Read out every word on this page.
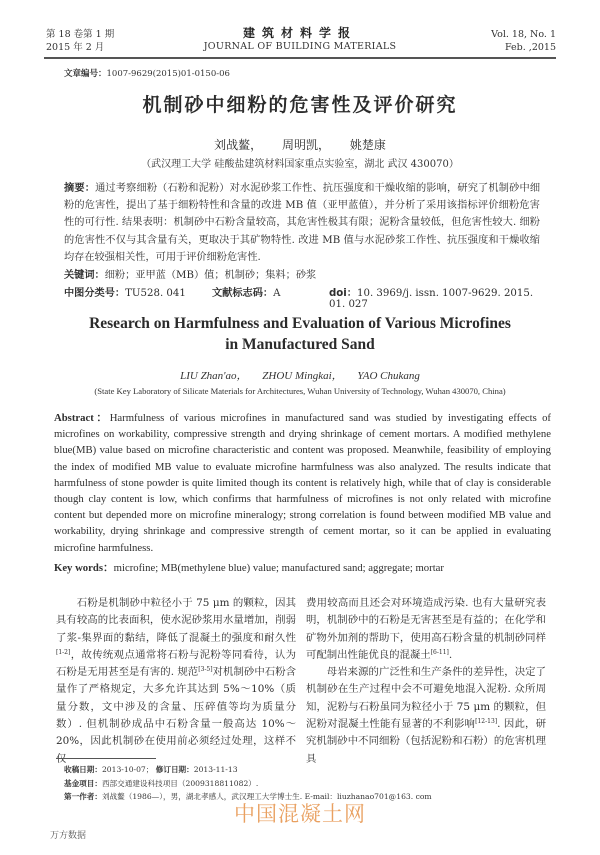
第 18 卷第 1 期
2015 年 2 月
建筑材料学报
JOURNAL OF BUILDING MATERIALS
Vol. 18, No. 1
Feb. ,2015
文章编号：1007-9629(2015)01-0150-06
机制砂中细粉的危害性及评价研究
刘战鳌， 周明凯， 姚楚康
（武汉理工大学 硅酸盐建筑材料国家重点实验室，湖北 武汉 430070）
摘要：通过考察细粉（石粉和泥粉）对水泥砂浆工作性、抗压强度和干燥收缩的影响，研究了机制砂中细粉的危害性，提出了基于细粉特性和含量的改进 MB 值（亚甲蓝值），并分析了采用该指标评价细粉危害性的可行性. 结果表明：机制砂中石粉含量较高，其危害性极其有限；泥粉含量较低，但危害性较大. 细粉的危害性不仅与其含量有关，更取决于其矿物特性. 改进 MB 值与水泥砂浆工作性、抗压强度和干燥收缩均存在较强相关性，可用于评价细粉危害性.
关键词：细粉；亚甲蓝（MB）值；机制砂；集料；砂浆
中图分类号：TU528. 041	文献标志码：A	doi：10. 3969/j. issn. 1007-9629. 2015. 01. 027
Research on Harmfulness and Evaluation of Various Microfines
in Manufactured Sand
LIU Zhan'ao， ZHOU Mingkai， YAO Chukang
(State Key Laboratory of Silicate Materials for Architectures, Wuhan University of Technology, Wuhan 430070, China)
Abstract：Harmfulness of various microfines in manufactured sand was studied by investigating effects of microfines on workability, compressive strength and drying shrinkage of cement mortars. A modified methylene blue(MB) value based on microfine characteristic and content was proposed. Meanwhile, feasibility of employing the index of modified MB value to evaluate microfine harmfulness was also analyzed. The results indicate that harmfulness of stone powder is quite limited though its content is relatively high, while that of clay is considerable though clay content is low, which confirms that harmfulness of microfines is not only related with microfine content but depended more on microfine mineralogy; strong correlation is found between modified MB value and workability, drying shrinkage and compressive strength of cement mortar, so it can be applied in evaluating microfine harmfulness.
Key words：microfine; MB(methylene blue) value; manufactured sand; aggregate; mortar

石粉是机制砂中粒径小于 75 μm 的颗粒，因其具有较高的比表面积，使水泥砂浆用水量增加，削弱了浆-集界面的黏结，降低了混凝土的强度和耐久性[1-2]，故传统观点通常将石粉与泥粉等同看待，认为石粉是无用甚至是有害的. 规范[3-5]对机制砂中石粉含量作了严格规定，大多允许其达到 5%～10%（质量分数，文中涉及的含量、压碎值等均为质量分数）. 但机制砂成品中石粉含量一般高达 10%～20%，因此机制砂在使用前必须经过处理，这样不

费用较高而且还会对环境造成污染. 也有大量研究表明，机制砂中的石粉是无害甚至是有益的；在化学和矿物外加剂的帮助下，使用高石粉含量的机制砂同样可配制出性能优良的混凝土[6-11].

母岩来源的广泛性和生产条件的差异性，决定了机制砂在生产过程中会不可避免地混入泥粉. 众所周知，泥粉与石粉虽同为粒径小于 75 μm 的颗粒，但泥粉对混凝土性能有显著的不利影响[12-13]. 因此，研究机制砂中不同细粉（包括泥粉和石粉）的危害机理具

收稿日期：2013-10-07； 修订日期：2013-11-13
基金项目：西部交通建设科技项目（2009318811082）.
第一作者：刘战鳌（1986—），男，湖北孝感人，武汉理工大学博士生. E-mail：liuzhanao701@163. com
中国混凝土网
万方数据
